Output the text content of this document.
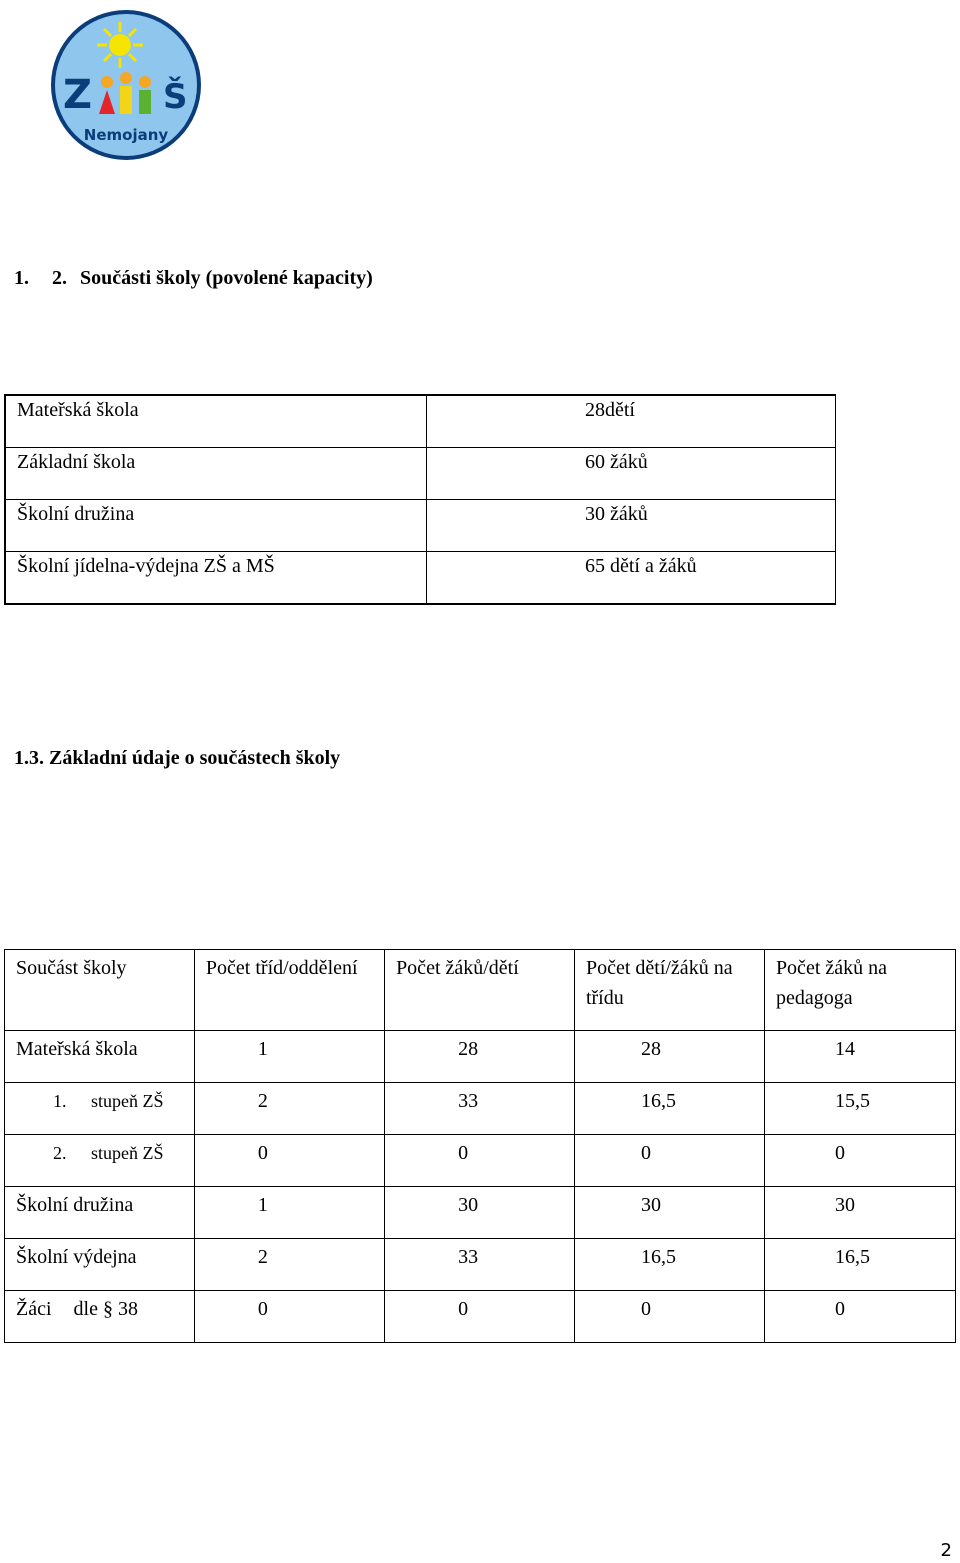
Z Š
Nemojany
1. 2. Součásti školy (povolené kapacity)
Mateřská škola	28dětí

Základní škola	60 žáků

Školní družina	30 žáků

Školní jídelna-výdejna ZŠ a MŠ	65 dětí a žáků
1.3. Základní údaje o součástech školy
Součást školy	Počet tříd/oddělení	Počet žáků/dětí	Počet dětí/žáků na třídu	Počet žáků na pedagoga

Mateřská škola	1	28	28	14

1. stupeň ZŠ	2	33	16,5	15,5

2. stupeň ZŠ	0	0	0	0

Školní družina	1	30	30	30

Školní výdejna	2	33	16,5	16,5

Žáci dle § 38	0	0	0	0
2
